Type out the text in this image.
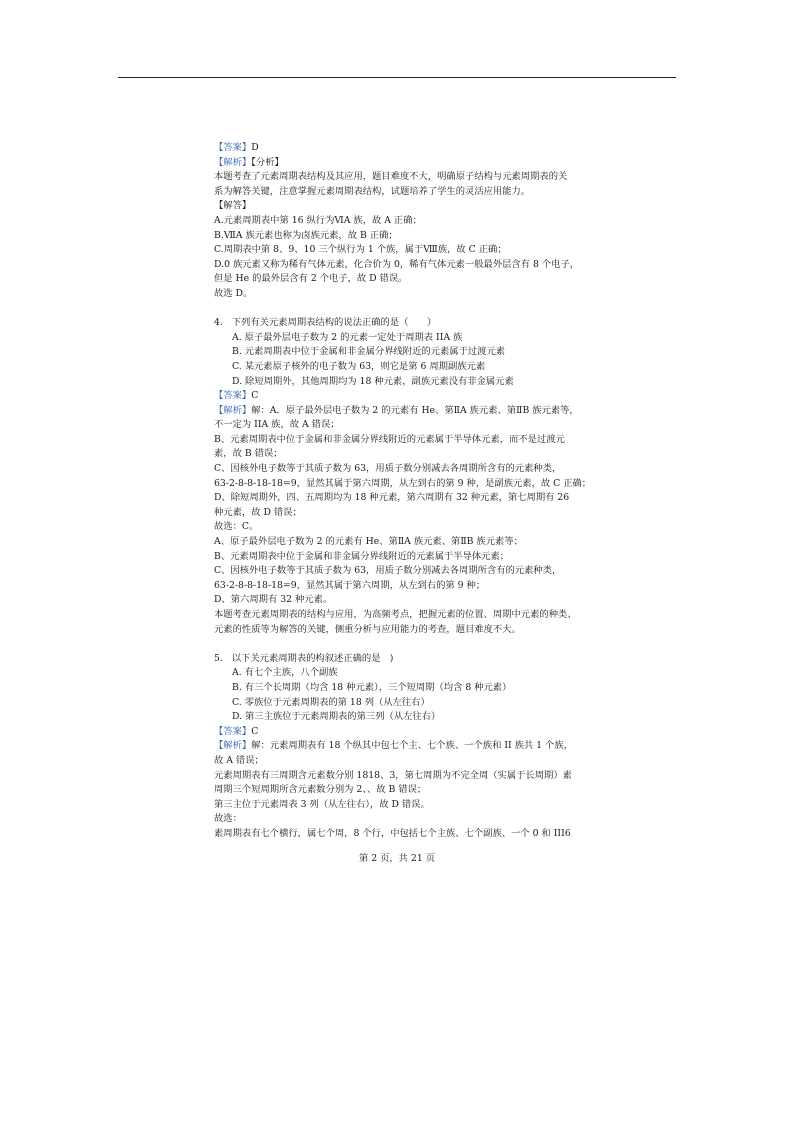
【答案】D
【解析】【分析】
本题考查了元素周期表结构及其应用，题目难度不大，明确原子结构与元素周期表的关
系为解答关键，注意掌握元素周期表结构，试题培养了学生的灵活应用能力。
【解答】
A.元素周期表中第 16 纵行为ⅥA 族，故 A 正确；
B.ⅦA 族元素也称为卤族元素，故 B 正确；
C.周期表中第 8、9、10 三个纵行为 1 个族，属于Ⅷ族，故 C 正确；
D.0 族元素又称为稀有气体元素，化合价为 0，稀有气体元素一般最外层含有 8 个电子，
但是 He 的最外层含有 2 个电子，故 D 错误。
故选 D。
4. 下列有关元素周期表结构的说法正确的是（　　）
A. 原子最外层电子数为 2 的元素一定处于周期表 IIA 族
B. 元素周期表中位于金属和非金属分界线附近的元素属于过渡元素
C. 某元素原子核外的电子数为 63，则它是第 6 周期副族元素
D. 除短周期外，其他周期均为 18 种元素，副族元素没有非金属元素
【答案】C
【解析】解：A．原子最外层电子数为 2 的元素有 He、第ⅡA 族元素、第ⅡB 族元素等，
不一定为 IIA 族，故 A 错误；
B、元素周期表中位于金属和非金属分界线附近的元素属于半导体元素，而不是过渡元
素，故 B 错误；
C、因核外电子数等于其质子数为 63，用质子数分别减去各周期所含有的元素种类，
63-2-8-8-18-18=9，显然其属于第六周期，从左到右的第 9 种，是副族元素，故 C 正确；
D、除短周期外，四、五周期均为 18 种元素，第六周期有 32 种元素，第七周期有 26
种元素，故 D 错误；
故选：C。
A、原子最外层电子数为 2 的元素有 He、第ⅡA 族元素、第ⅡB 族元素等；
B、元素周期表中位于金属和非金属分界线附近的元素属于半导体元素；
C、因核外电子数等于其质子数为 63，用质子数分别减去各周期所含有的元素种类，
63-2-8-8-18-18=9，显然其属于第六周期，从左到右的第 9 种；
D、第六周期有 32 种元素。
本题考查元素周期表的结构与应用，为高频考点，把握元素的位置、周期中元素的种类、
元素的性质等为解答的关键，侧重分析与应用能力的考查，题目难度不大。
5. 以下关元素周期表的构叙述正确的是　)
A. 有七个主族，八个副族
B. 有三个长周期（均含 18 种元素），三个短周期（均含 8 种元素）
C. 零族位于元素周期表的第 18 列（从左往右）
D. 第三主族位于元素周期表的第三列（从左往右）
【答案】C
【解析】解：元素周期表有 18 个纵其中包七个主、七个族、一个族和 II 族共 1 个族，
故 A 错误；
元素周期表有三周期含元素数分别 1818、3，第七周期为不完全周（实属于长周期）素
周期三个短周期所含元素数分别为 2、、故 B 错误；
第三主位于元素周表 3 列（从左往右），故 D 错误。
故选：
素周期表有七个横行，属七个周，8 个行，中包括七个主族、七个副族、一个 0 和 III6
第 2 页，共 21 页
